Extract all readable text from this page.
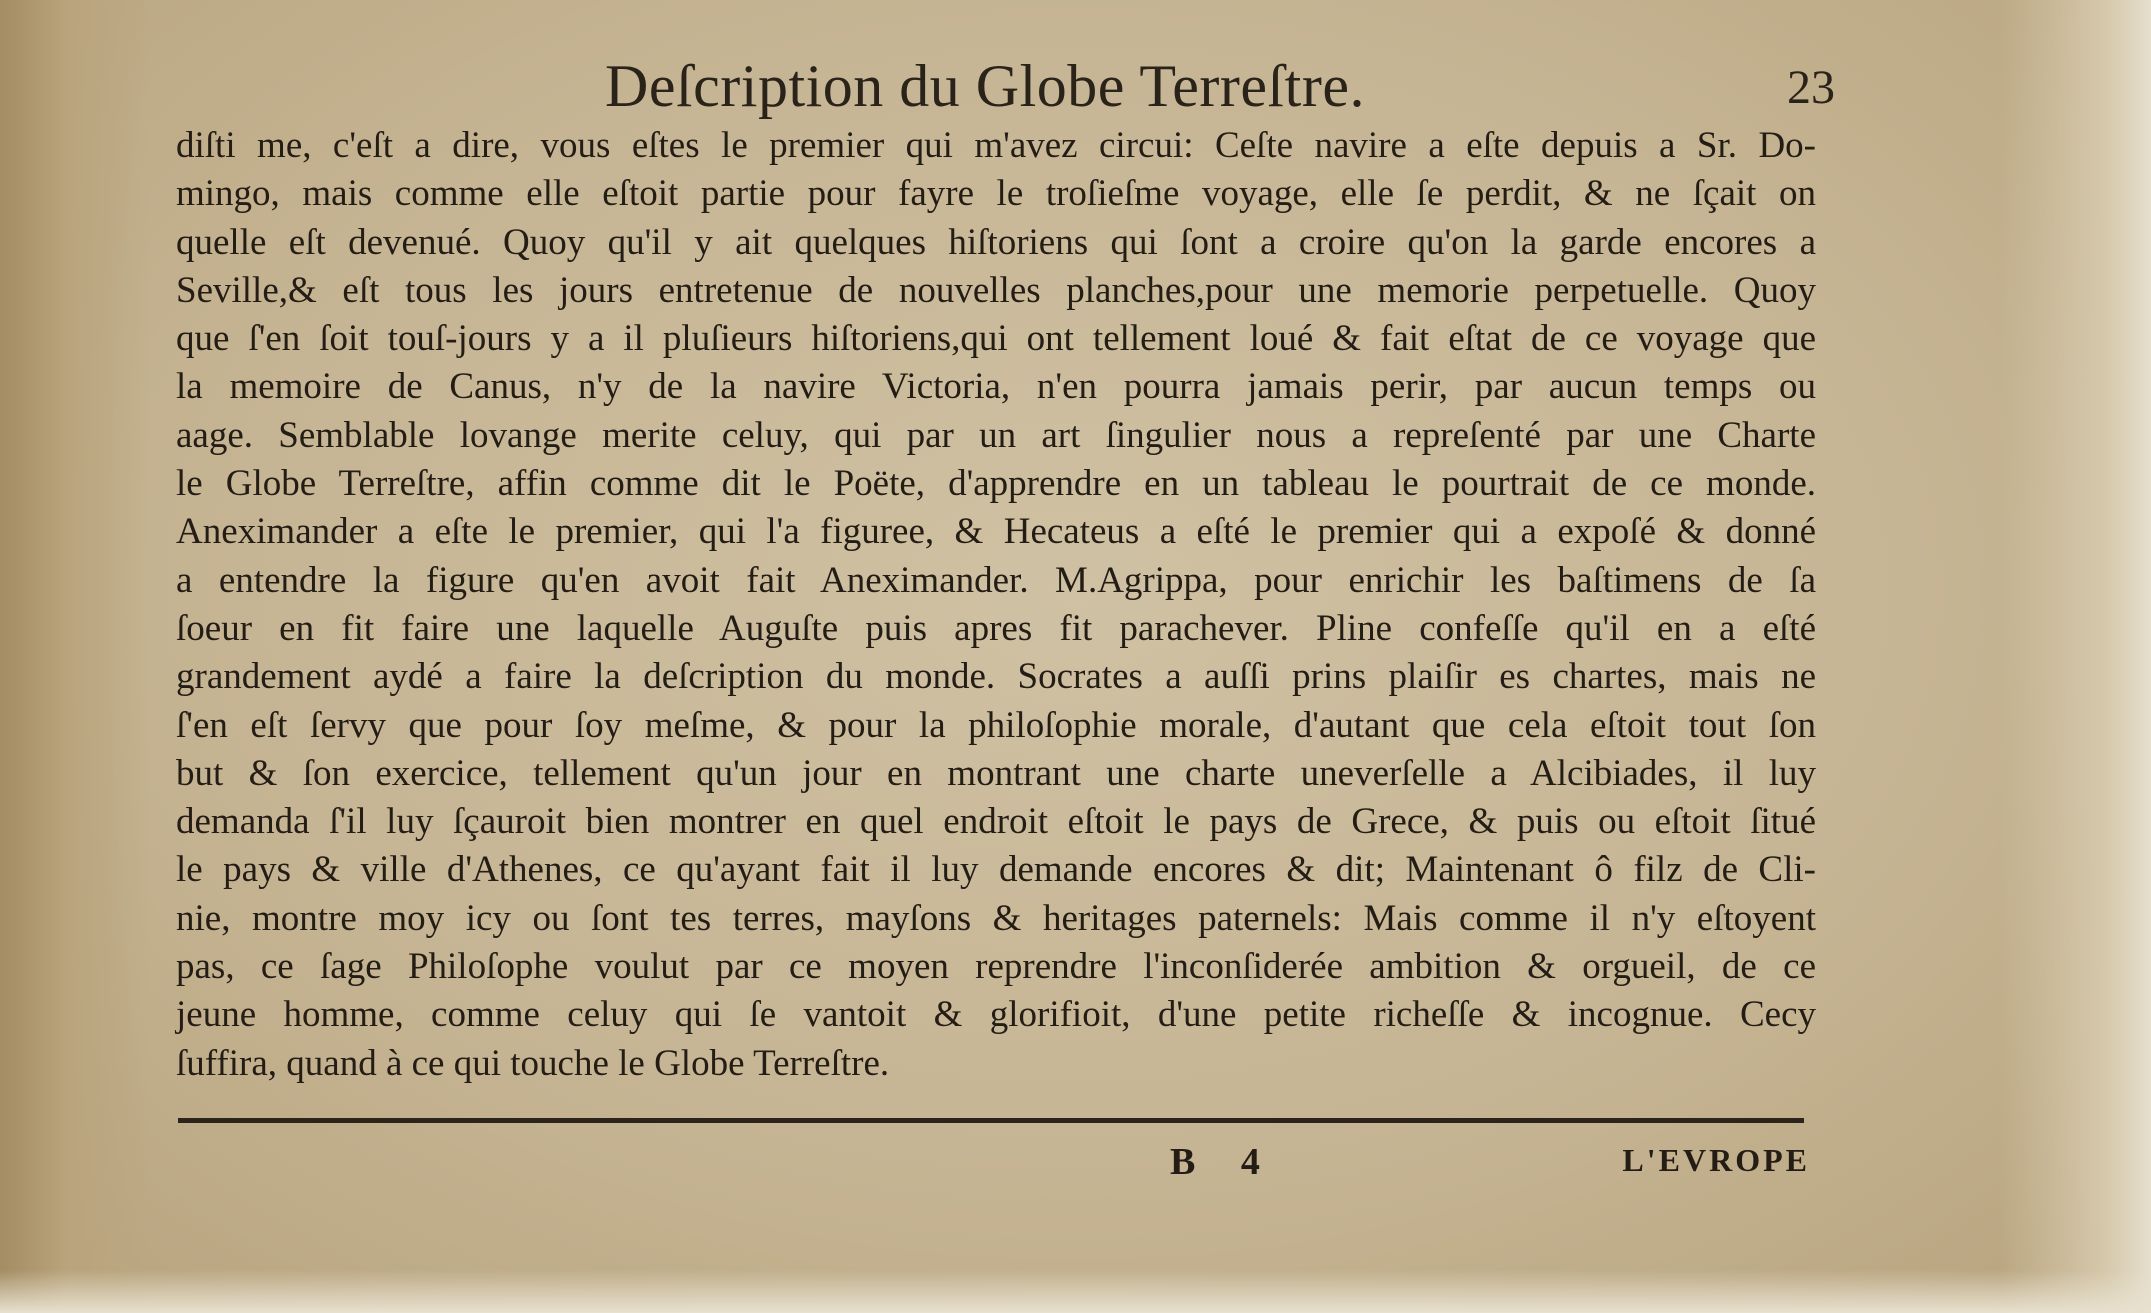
Deſcription du Globe Terreſtre.	23
diſti me, c'eſt a dire, vous eſtes le premier qui m'avez circui: Ceſte navire a eſte depuis a Sr. Do-
mingo, mais comme elle eſtoit partie pour fayre le troſieſme voyage, elle ſe perdit, & ne ſçait on
quelle eſt devenué. Quoy qu'il y ait quelques hiſtoriens qui ſont a croire qu'on la garde encores a
Seville,& eſt tous les jours entretenue de nouvelles planches,pour une memorie perpetuelle. Quoy
que ſ'en ſoit touſ-jours y a il pluſieurs hiſtoriens,qui ont tellement loué & fait eſtat de ce voyage que
la memoire de Canus, n'y de la navire Victoria, n'en pourra jamais perir, par aucun temps ou
aage. Semblable lovange merite celuy, qui par un art ſingulier nous a repreſenté par une Charte
le Globe Terreſtre, affin comme dit le Poëte, d'apprendre en un tableau le pourtrait de ce monde.
Aneximander a eſte le premier, qui l'a figuree, & Hecateus a eſté le premier qui a expoſé & donné
a entendre la figure qu'en avoit fait Aneximander. M.Agrippa, pour enrichir les baſtimens de ſa
ſoeur en fit faire une laquelle Auguſte puis apres fit parachever. Pline confeſſe qu'il en a eſté
grandement aydé a faire la deſcription du monde. Socrates a auſſi prins plaiſir es chartes, mais ne
ſ'en eſt ſervy que pour ſoy meſme, & pour la philoſophie morale, d'autant que cela eſtoit tout ſon
but & ſon exercice, tellement qu'un jour en montrant une charte uneverſelle a Alcibiades, il luy
demanda ſ'il luy ſçauroit bien montrer en quel endroit eſtoit le pays de Grece, & puis ou eſtoit ſitué
le pays & ville d'Athenes, ce qu'ayant fait il luy demande encores & dit; Maintenant ô filz de Cli-
nie, montre moy icy ou ſont tes terres, mayſons & heritages paternels: Mais comme il n'y eſtoyent
pas, ce ſage Philoſophe voulut par ce moyen reprendre l'inconſiderée ambition & orgueil, de ce
jeune homme, comme celuy qui ſe vantoit & glorifioit, d'une petite richeſſe & incognue. Cecy
ſuffira, quand à ce qui touche le Globe Terreſtre.
B 4	L'EVROPE
